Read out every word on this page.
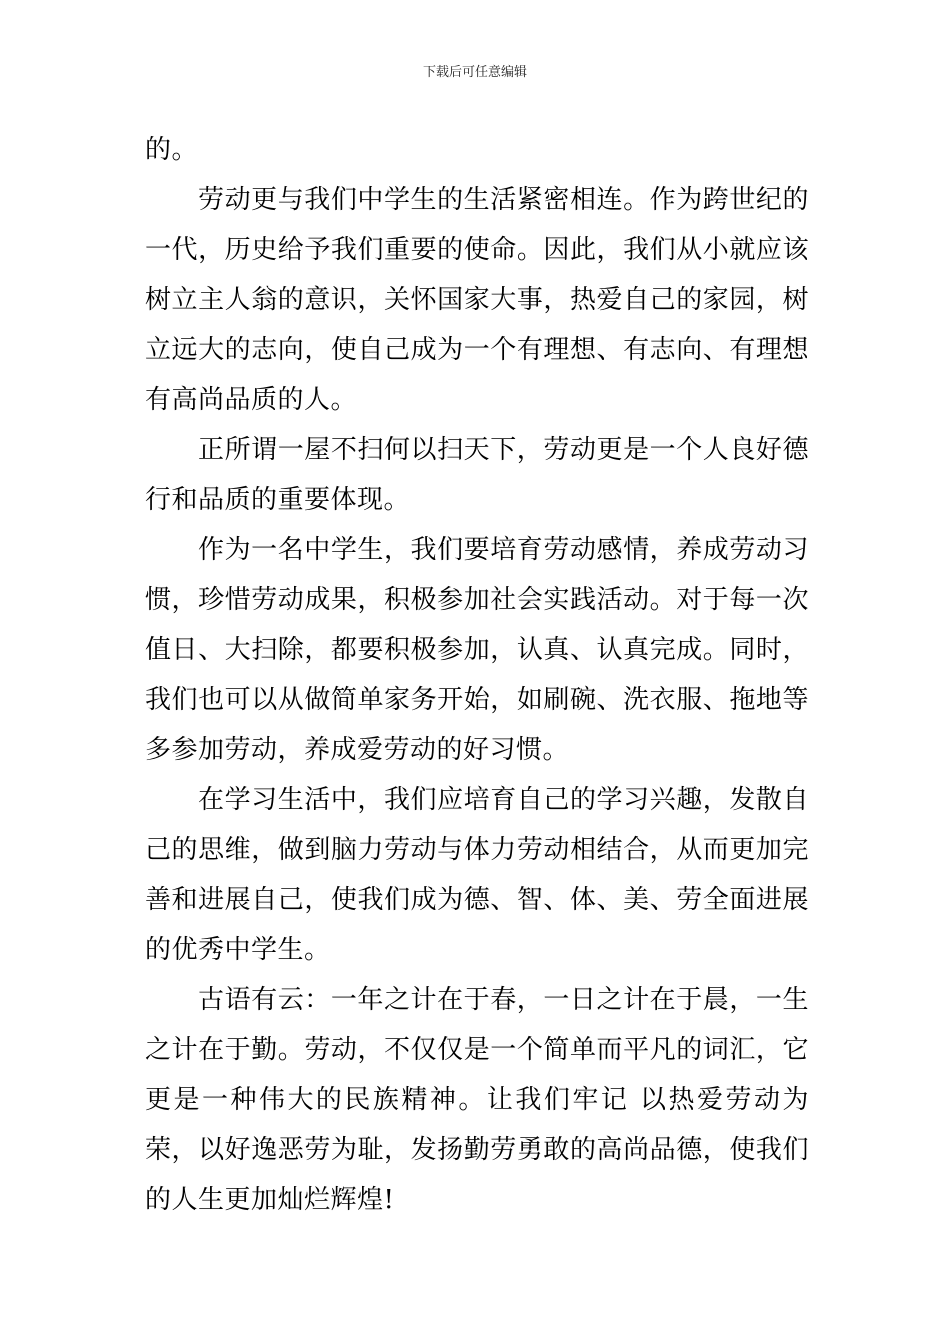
下载后可任意编辑

的。

劳动更与我们中学生的生活紧密相连。作为跨世纪的一代，历史给予我们重要的使命。因此，我们从小就应该树立主人翁的意识，关怀国家大事，热爱自己的家园，树立远大的志向，使自己成为一个有理想、有志向、有理想有高尚品质的人。

正所谓一屋不扫何以扫天下，劳动更是一个人良好德行和品质的重要体现。

作为一名中学生，我们要培育劳动感情，养成劳动习惯，珍惜劳动成果，积极参加社会实践活动。对于每一次值日、大扫除，都要积极参加，认真、认真完成。同时，我们也可以从做简单家务开始，如刷碗、洗衣服、拖地等多参加劳动，养成爱劳动的好习惯。

在学习生活中，我们应培育自己的学习兴趣，发散自己的思维，做到脑力劳动与体力劳动相结合，从而更加完善和进展自己，使我们成为德、智、体、美、劳全面进展的优秀中学生。

古语有云：一年之计在于春，一日之计在于晨，一生之计在于勤。劳动，不仅仅是一个简单而平凡的词汇，它更是一种伟大的民族精神。让我们牢记 以热爱劳动为荣，以好逸恶劳为耻，发扬勤劳勇敢的高尚品德，使我们的人生更加灿烂辉煌!
